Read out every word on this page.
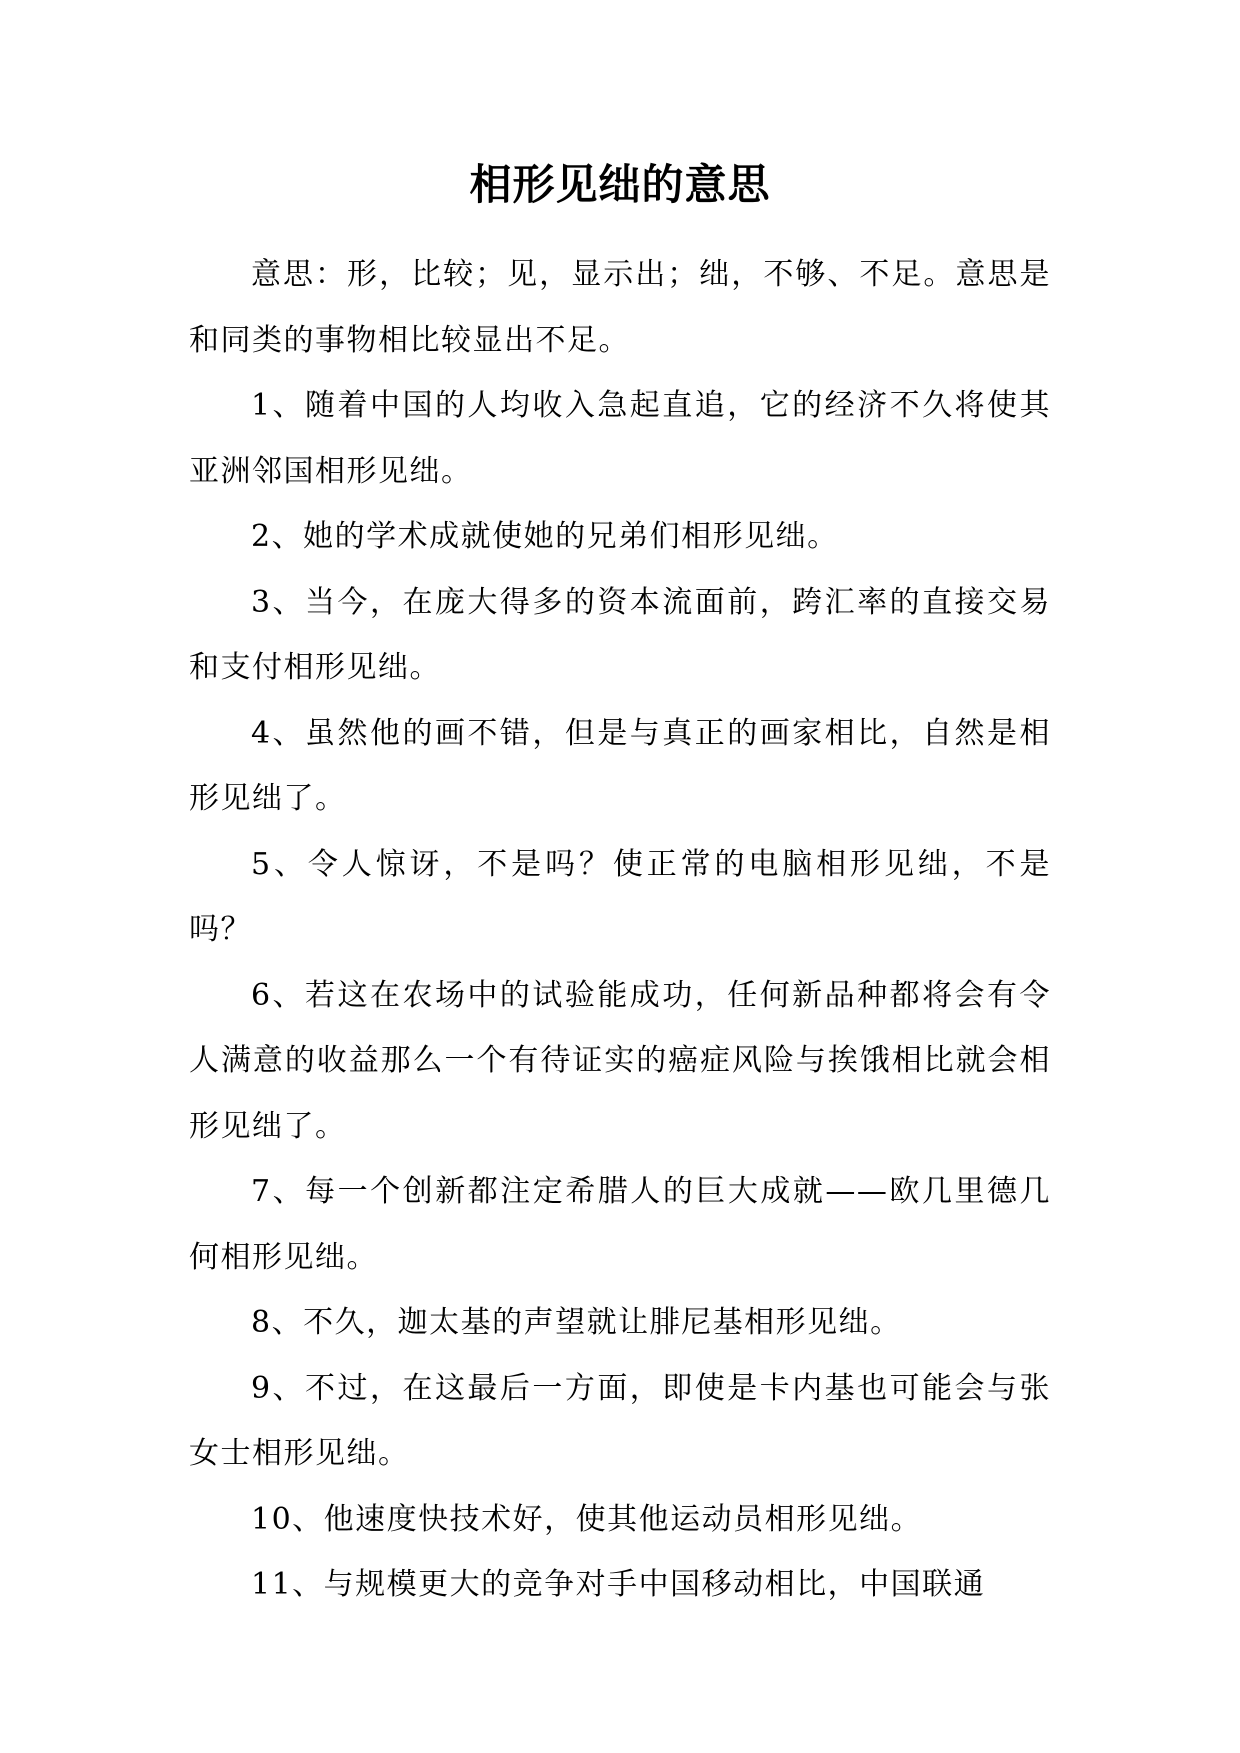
相形见绌的意思

意思：形，比较；见，显示出；绌，不够、不足。意思是和同类的事物相比较显出不足。

1、随着中国的人均收入急起直追，它的经济不久将使其亚洲邻国相形见绌。

2、她的学术成就使她的兄弟们相形见绌。

3、当今，在庞大得多的资本流面前，跨汇率的直接交易和支付相形见绌。

4、虽然他的画不错，但是与真正的画家相比，自然是相形见绌了。

5、令人惊讶，不是吗？使正常的电脑相形见绌，不是吗？

6、若这在农场中的试验能成功，任何新品种都将会有令人满意的收益那么一个有待证实的癌症风险与挨饿相比就会相形见绌了。

7、每一个创新都注定希腊人的巨大成就——欧几里德几何相形见绌。

8、不久，迦太基的声望就让腓尼基相形见绌。

9、不过，在这最后一方面，即使是卡内基也可能会与张女士相形见绌。

10、他速度快技术好，使其他运动员相形见绌。

11、与规模更大的竞争对手中国移动相比，中国联通
